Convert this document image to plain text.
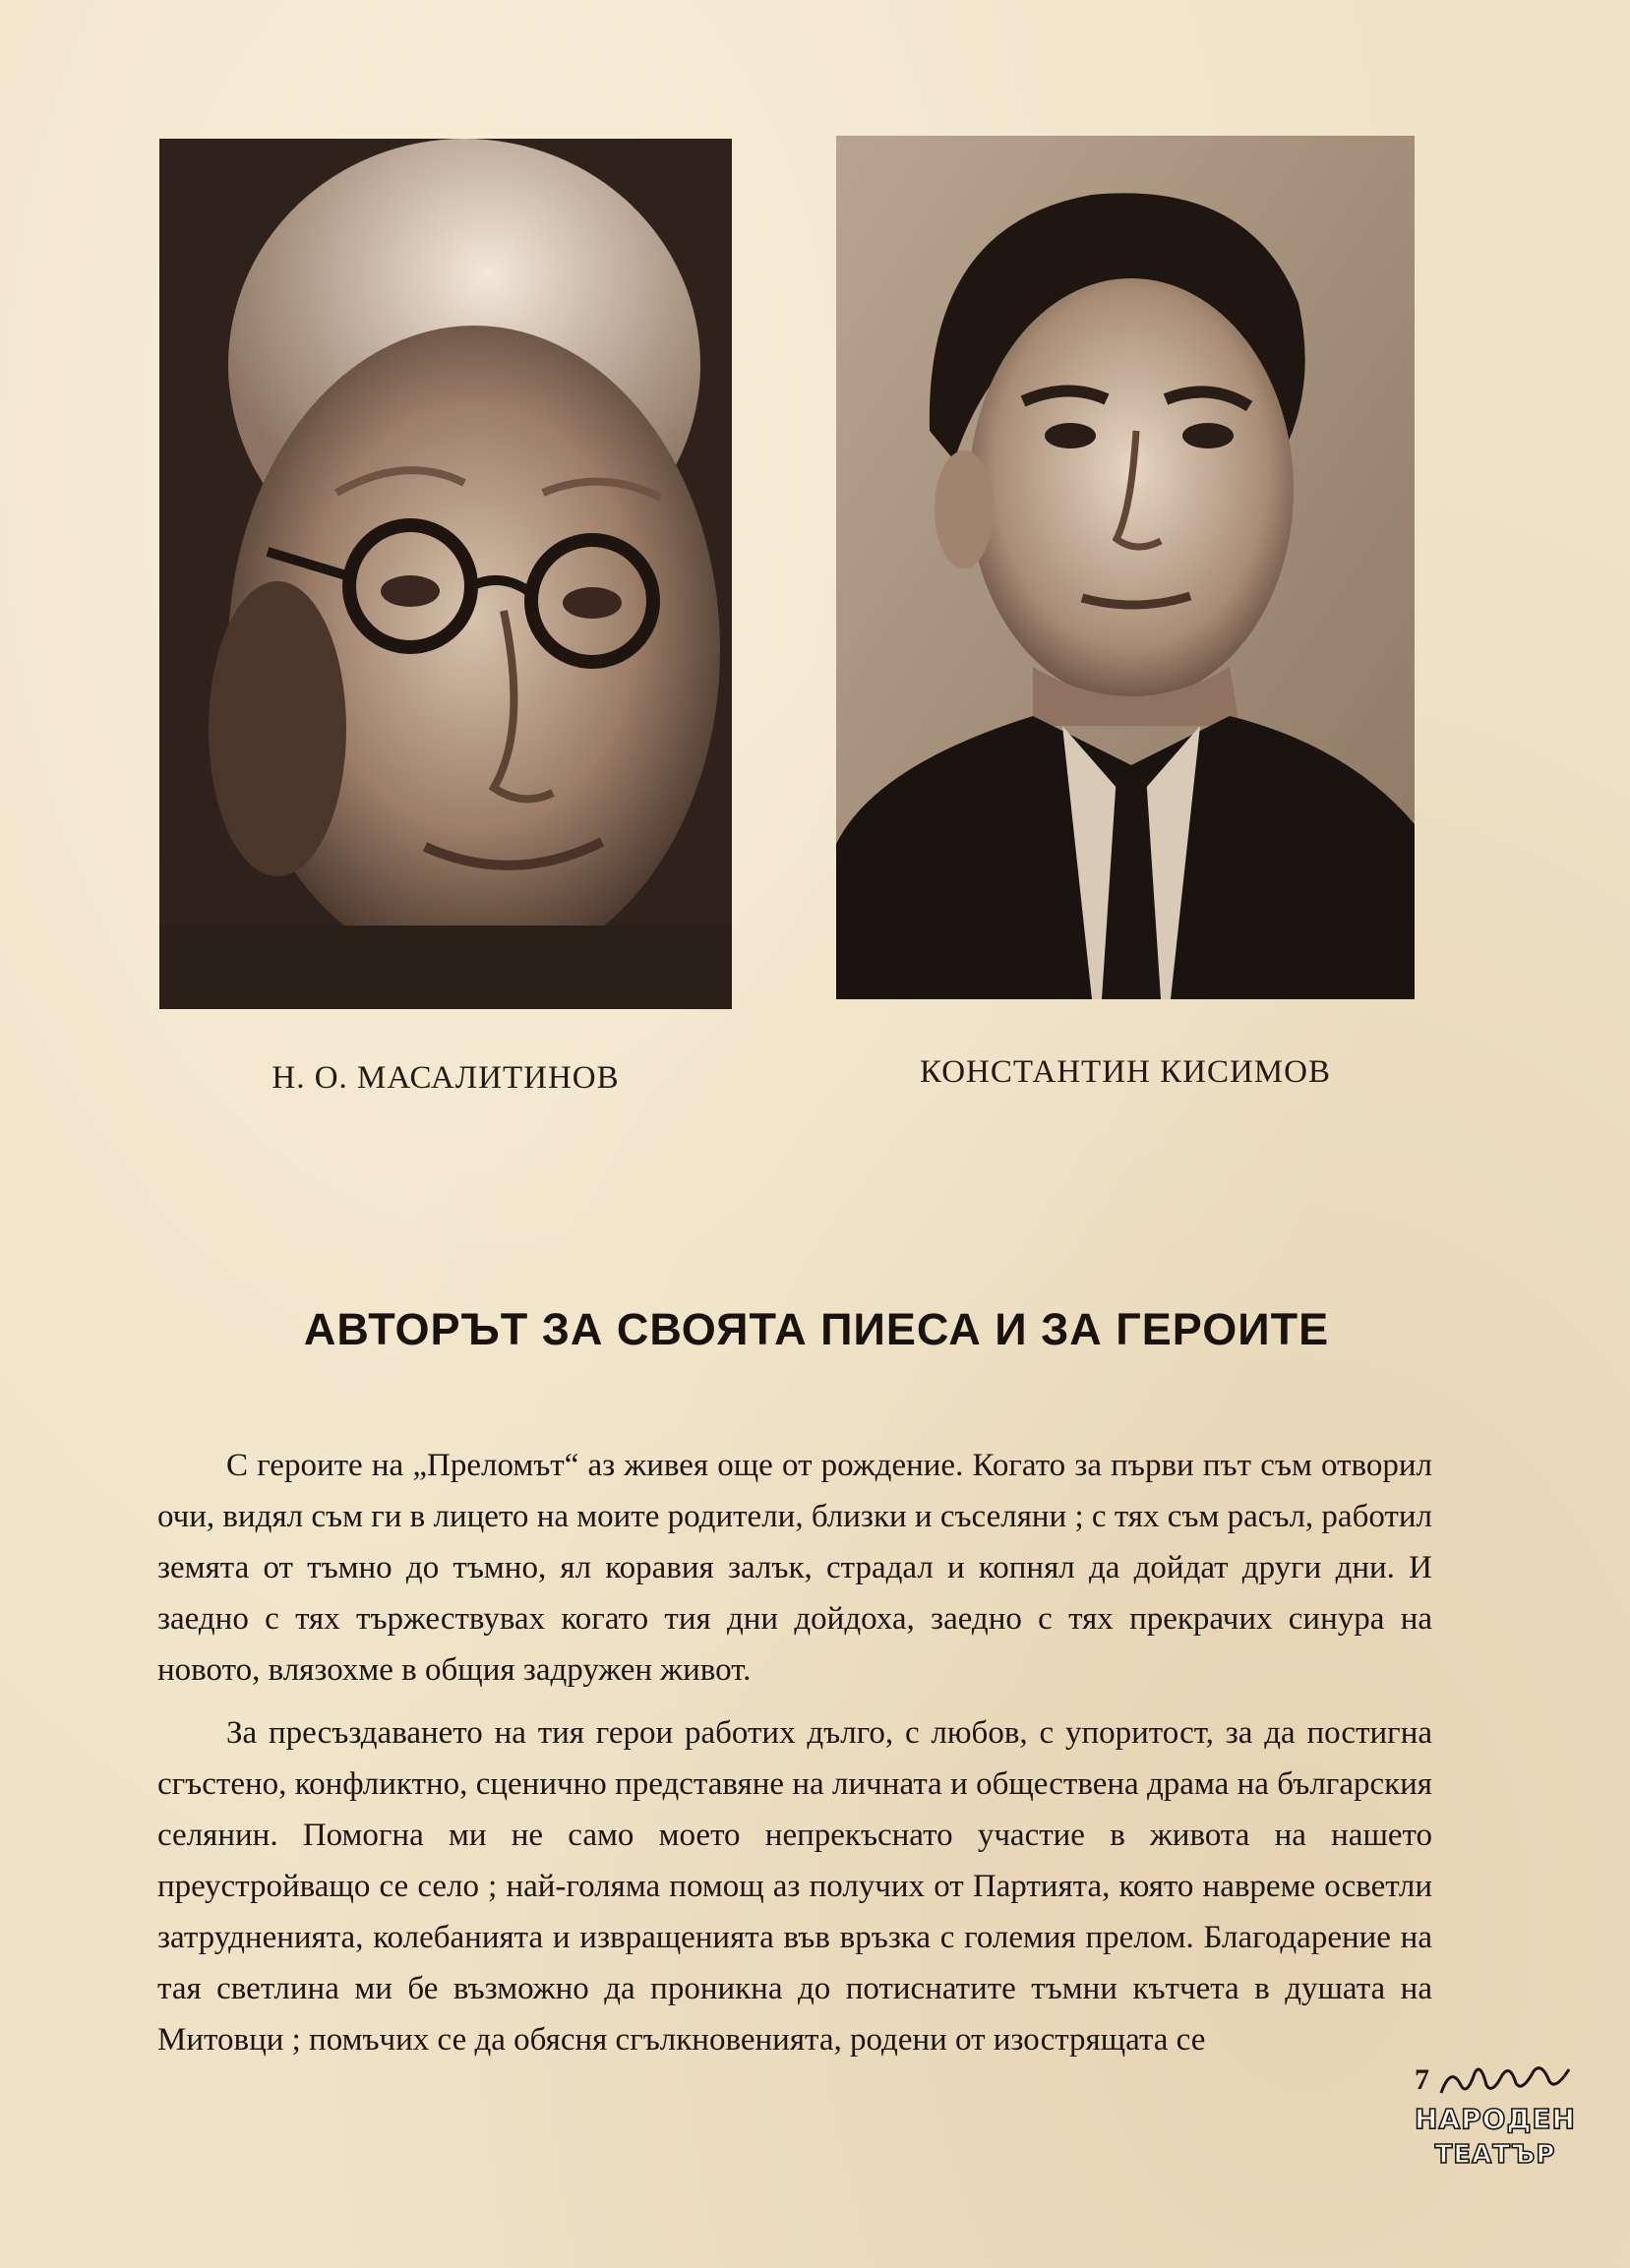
Н. О. МАСАЛИТИНОВ	КОНСТАНТИН КИСИМОВ
АВТОРЪТ ЗА СВОЯТА ПИЕСА И ЗА ГЕРОИТЕ

С героите на „Преломът“ аз живея още от рождение. Когато за първи път съм отворил очи, видял съм ги в лицето на моите родители, близки и съселяни ; с тях съм расъл, работил земята от тъмно до тъмно, ял коравия залък, страдал и копнял да дойдат други дни. И заедно с тях тържествувах когато тия дни дойдоха, заедно с тях прекрачих синура на новото, влязохме в общия задружен живот.

За пресъздаването на тия герои работих дълго, с любов, с упоритост, за да постигна сгъстено, конфликтно, сценично представяне на личната и обществена драма на българския селянин. Помогна ми не само моето непрекъснато участие в живота на нашето преустройващо се село ; най-голяма помощ аз получих от Партията, която навреме осветли затрудненията, колебанията и извращенията във връзка с големия прелом. Благодарение на тая светлина ми бе възможно да проникна до потиснатите тъмни кътчета в душата на Митовци ; помъчих се да обясня сгълкновенията, родени от изострящата се

7
НАРОДЕН
ТЕАТЪР
